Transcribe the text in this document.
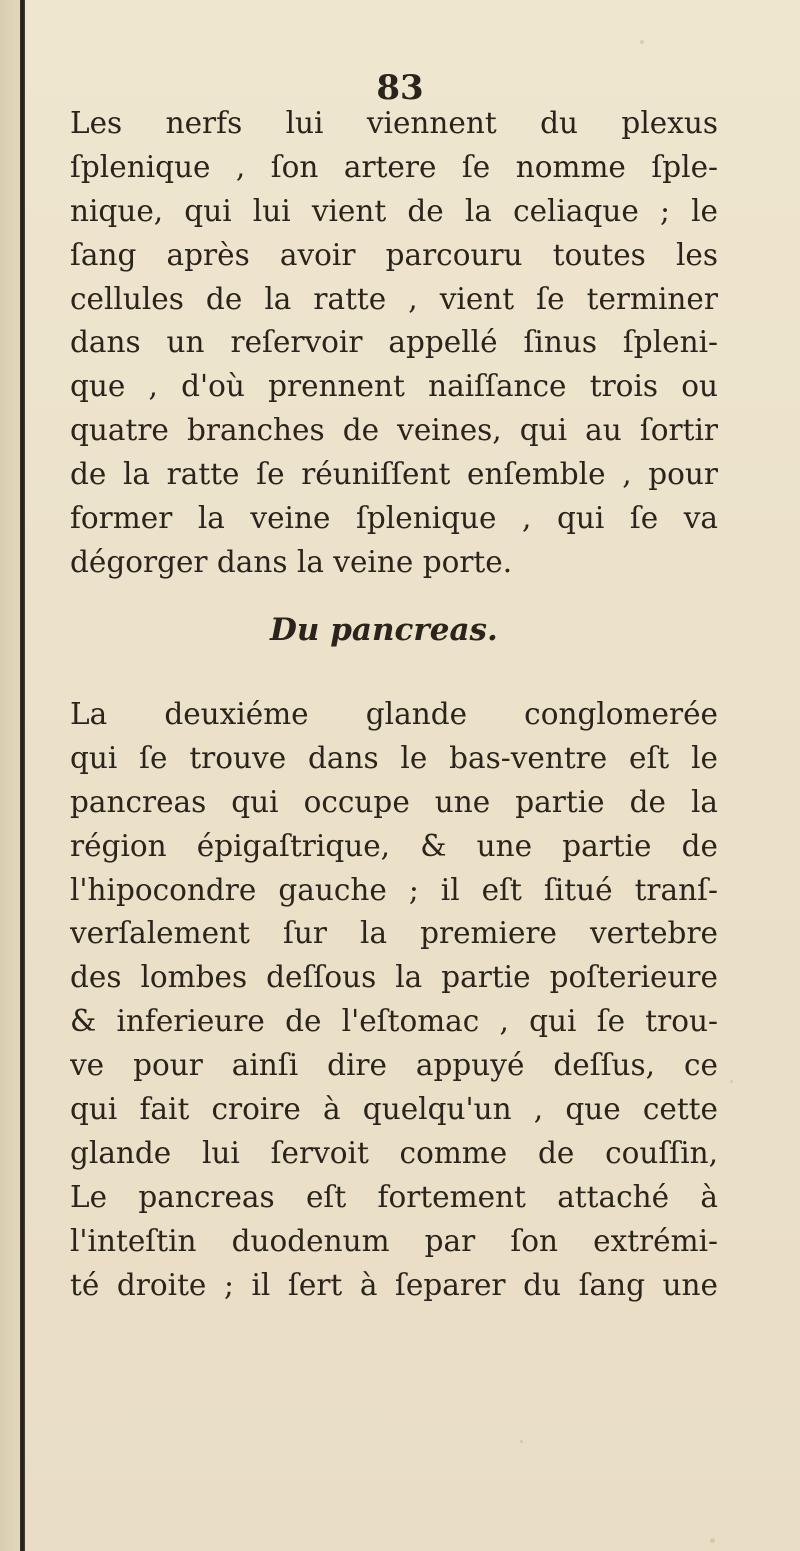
83
Les nerfs lui viennent du plexus
ſplenique , ſon artere ſe nomme ſple-
nique, qui lui vient de la celiaque ; le
ſang après avoir parcouru toutes les
cellules de la ratte , vient ſe terminer
dans un reſervoir appellé ſinus ſpleni-
que , d'où prennent naiſſance trois ou
quatre branches de veines, qui au ſortir
de la ratte ſe réuniſſent enſemble , pour
former la veine ſplenique , qui ſe va
dégorger dans la veine porte.
Du pancreas.
La deuxiéme glande conglomerée
qui ſe trouve dans le bas-ventre eſt le
pancreas qui occupe une partie de la
région épigaſtrique, & une partie de
l'hipocondre gauche ; il eſt ſitué tranſ-
verſalement ſur la premiere vertebre
des lombes deſſous la partie poſterieure
& inferieure de l'eſtomac , qui ſe trou-
ve pour ainſi dire appuyé deſſus, ce
qui fait croire à quelqu'un , que cette
glande lui ſervoit comme de couſſin,
Le pancreas eſt fortement attaché à
l'inteſtin duodenum par ſon extrémi-
té droite ; il ſert à ſeparer du ſang une
